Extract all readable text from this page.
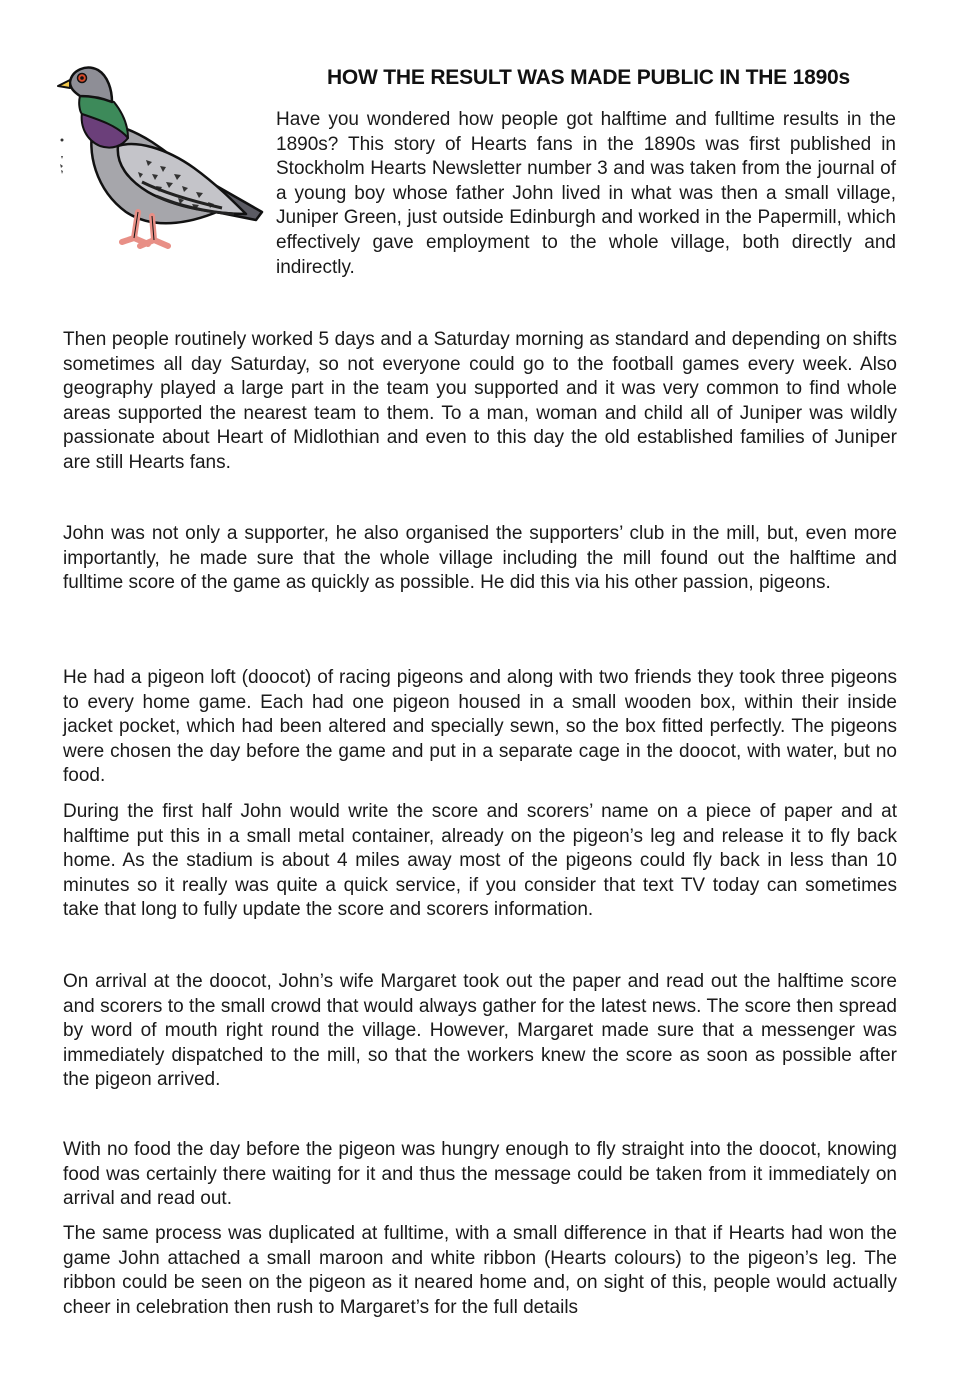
HOW THE RESULT WAS MADE PUBLIC IN THE 1890s

Have you wondered how people got halftime and fulltime results in the 1890s? This story of Hearts fans in the 1890s was first published in Stockholm Hearts Newsletter number 3 and was taken from the journal of a young boy whose father John lived in what was then a small village, Juniper Green, just outside Edinburgh and worked in the Papermill, which effectively gave employment to the whole village, both directly and indirectly.

Then people routinely worked 5 days and a Saturday morning as standard and depending on shifts sometimes all day Saturday, so not everyone could go to the football games every week. Also geography played a large part in the team you supported and it was very common to find whole areas supported the nearest team to them. To a man, woman and child all of Juniper was wildly passionate about Heart of Midlothian and even to this day the old established families of Juniper are still Hearts fans.

John was not only a supporter, he also organised the supporters’ club in the mill, but, even more importantly, he made sure that the whole village including the mill found out the halftime and fulltime score of the game as quickly as possible. He did this via his other passion, pigeons.

He had a pigeon loft (doocot) of racing pigeons and along with two friends they took three pigeons to every home game. Each had one pigeon housed in a small wooden box, within their inside jacket pocket, which had been altered and specially sewn, so the box fitted perfectly. The pigeons were chosen the day before the game and put in a separate cage in the doocot, with water, but no food.

During the first half John would write the score and scorers’ name on a piece of paper and at halftime put this in a small metal container, already on the pigeon’s leg and release it to fly back home. As the stadium is about 4 miles away most of the pigeons could fly back in less than 10 minutes so it really was quite a quick service, if you consider that text TV today can sometimes take that long to fully update the score and scorers information.

On arrival at the doocot, John’s wife Margaret took out the paper and read out the halftime score and scorers to the small crowd that would always gather for the latest news. The score then spread by word of mouth right round the village. However, Margaret made sure that a messenger was immediately dispatched to the mill, so that the workers knew the score as soon as possible after the pigeon arrived.

With no food the day before the pigeon was hungry enough to fly straight into the doocot, knowing food was certainly there waiting for it and thus the message could be taken from it immediately on arrival and read out.

The same process was duplicated at fulltime, with a small difference in that if Hearts had won the game John attached a small maroon and white ribbon (Hearts colours) to the pigeon’s leg. The ribbon could be seen on the pigeon as it neared home and, on sight of this, people would actually cheer in celebration then rush to Margaret’s for the full details
